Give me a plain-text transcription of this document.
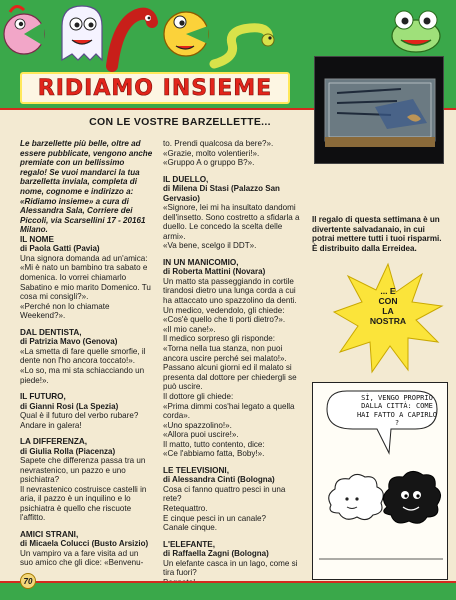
RIDIAMO INSIEME
CON LE VOSTRE BARZELLETTE...

Le barzellette più belle, oltre ad essere pubblicate, vengono anche premiate con un bellissimo regalo! Se vuoi mandarci la tua barzelletta inviala, completa di nome, cognome e indirizzo a: «Ridiamo insieme» a cura di Alessandra Sala, Corriere dei Piccoli, via Scarsellini 17 - 20161 Milano.

IL NOME

di Paola Gatti (Pavia)

Una signora domanda ad un'amica:

«Mi è nato un bambino tra sabato e domenica. Io vorrei chiamarlo Sabatino e mio marito Domenico. Tu cosa mi consigli?».

«Perché non lo chiamate Weekend?».

DAL DENTISTA,

di Patrizia Mavo (Genova)

«La smetta di fare quelle smorfie, il dente non l'ho ancora toccato!».

«Lo so, ma mi sta schiacciando un piede!».

IL FUTURO,

di Gianni Rosi (La Spezia)

Qual è il futuro del verbo rubare?

Andare in galera!

LA DIFFERENZA,

di Giulia Rolla (Piacenza)

Sapete che differenza passa tra un nevrastenico, un pazzo e uno psichiatra?

Il nevrastenico costruisce castelli in aria, il pazzo è un inquilino e lo psichiatra è quello che riscuote l'affitto.

AMICI STRANI,

di Micaela Colucci (Busto Arsizio)

Un vampiro va a fare visita ad un suo amico che gli dice: «Benvenu-

to. Prendi qualcosa da bere?».

«Grazie, molto volentieri!».

«Gruppo A o gruppo B?».

IL DUELLO,

di Milena Di Stasi (Palazzo San Gervasio)

«Signore, lei mi ha insultato dandomi dell'insetto. Sono costretto a sfidarla a duello. Le concedo la scelta delle armi».

«Va bene, scelgo il DDT».

IN UN MANICOMIO,

di Roberta Mattini (Novara)

Un matto sta passeggiando in cortile tirandosi dietro una lunga corda a cui ha attaccato uno spazzolino da denti.

Un medico, vedendolo, gli chiede:

«Cos'è quello che ti porti dietro?».

«Il mio cane!».

Il medico sorpreso gli risponde:

«Torna nella tua stanza, non puoi ancora uscire perché sei malato!».

Passano alcuni giorni ed il malato si presenta dal dottore per chiedergli se può uscire.

Il dottore gli chiede:

«Prima dimmi cos'hai legato a quella corda».

«Uno spazzolino!».

«Allora puoi uscire!».

Il matto, tutto contento, dice:

«Ce l'abbiamo fatta, Boby!».

LE TELEVISIONI,

di Alessandra Cinti (Bologna)

Cosa ci fanno quattro pesci in una rete?

Retequattro.

E cinque pesci in un canale?

Canale cinque.

L'ELEFANTE,

di Raffaella Zagni (Bologna)

Un elefante casca in un lago, come si tira fuori?

Il regalo di questa settimana è un divertente salvadanaio, in cui potrai mettere tutti i tuoi risparmi. È distribuito dalla Erreidea.

... E
CON
LA
NOSTRA
SÌ, VENGO PROPRIO DALLA CITTÀ: COME HAI FATTO A CAPIRLO ?
70
